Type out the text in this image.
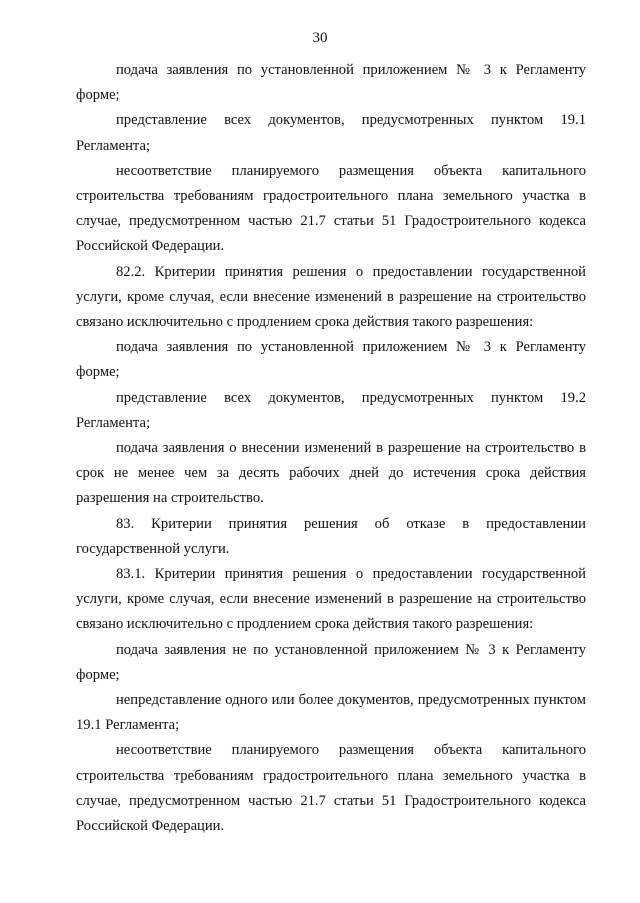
30

подача заявления по установленной приложением № 3 к Регламенту форме;

представление всех документов, предусмотренных пунктом 19.1 Регламента;

несоответствие планируемого размещения объекта капитального строительства требованиям градостроительного плана земельного участка в случае, предусмотренном частью 21.7 статьи 51 Градостроительного кодекса Российской Федерации.

82.2. Критерии принятия решения о предоставлении государственной услуги, кроме случая, если внесение изменений в разрешение на строительство связано исключительно с продлением срока действия такого разрешения:

подача заявления по установленной приложением № 3 к Регламенту форме;

представление всех документов, предусмотренных пунктом 19.2 Регламента;

подача заявления о внесении изменений в разрешение на строительство в срок не менее чем за десять рабочих дней до истечения срока действия разрешения на строительство.

83. Критерии принятия решения об отказе в предоставлении государственной услуги.

83.1. Критерии принятия решения о предоставлении государственной услуги, кроме случая, если внесение изменений в разрешение на строительство связано исключительно с продлением срока действия такого разрешения:

подача заявления не по установленной приложением № 3 к Регламенту форме;

непредставление одного или более документов, предусмотренных пунктом 19.1 Регламента;

несоответствие планируемого размещения объекта капитального строительства требованиям градостроительного плана земельного участка в случае, предусмотренном частью 21.7 статьи 51 Градостроительного кодекса Российской Федерации.
